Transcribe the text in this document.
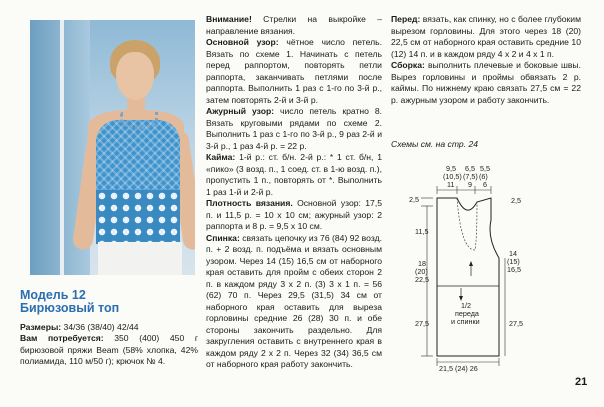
Модель 12
Бирюзовый топ
Размеры: 34/36 (38/40) 42/44
Вам потребуется: 350 (400) 450 г бирюзовой пряжи Beam (58% хлопка, 42% полиамида, 110 м/50 г); крючок № 4.

Внимание! Стрелки на выкройке – направление вязания.

Основной узор: чётное число петель. Вязать по схеме 1. Начинать с петель перед раппортом, повторять петли раппорта, заканчивать петлями после раппорта. Выполнить 1 раз с 1-го по 3-й р., затем повторять 2-й и 3-й р.

Ажурный узор: число петель кратно 8. Вязать круговыми рядами по схеме 2. Выполнить 1 раз с 1-го по 3-й р., 9 раз 2-й и 3-й р., 1 раз 4-й р. = 22 р.

Кайма: 1-й р.: ст. б/н. 2-й р.: * 1 ст. б/н, 1 «пико» (3 возд. п., 1 соед. ст. в 1-ю возд. п.), пропустить 1 п., повторять от *. Выполнить 1 раз 1-й и 2-й р.

Плотность вязания. Основной узор: 17,5 п. и 11,5 р. = 10 х 10 см; ажурный узор: 2 раппорта и 8 р. = 9,5 х 10 см.

Спинка: связать цепочку из 76 (84) 92 возд. п. + 2 возд. п. подъёма и вязать основным узором. Через 14 (15) 16,5 см от наборного края оставить для пройм с обеих сторон 2 п. в каждом ряду 3 х 2 п. (3) 3 х 1 п. = 56 (62) 70 п. Через 29,5 (31,5) 34 см от наборного края оставить для выреза горловины средние 26 (28) 30 п. и обе стороны закончить раздельно. Для закругления оставить с внутреннего края в каждом ряду 2 х 2 п. Через 32 (34) 36,5 см от наборного края работу закончить.

Перед: вязать, как спинку, но с более глубоким вырезом горловины. Для этого через 18 (20) 22,5 см от наборного края оставить средние 10 (12) 14 п. и в каждом ряду 4 х 2 и 4 х 1 п.

Сборка: выполнить плечевые и боковые швы. Вырез горловины и проймы обвязать 2 р. каймы. По нижнему краю связать 27,5 см = 22 р. ажурным узором и работу закончить.

Схемы см. на стр. 24
9,5
(10,5)
11
6,5
(7,5)
9
5,5
(6)
6
2,5
11,5
18
(20)
22,5
27,5
2,5
14
(15)
16,5
27,5
1/2
переда
и спинки
21,5 (24) 26
21
